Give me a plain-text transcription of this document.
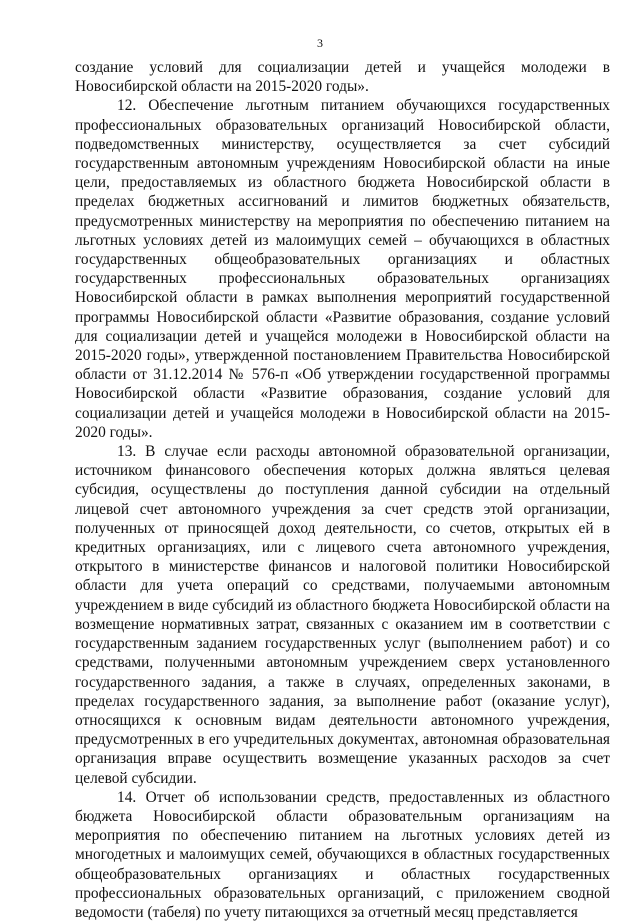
3

создание условий для социализации детей и учащейся молодежи в Новосибирской области на 2015-2020 годы».

12. Обеспечение льготным питанием обучающихся государственных профессиональных образовательных организаций Новосибирской области, подведомственных министерству, осуществляется за счет субсидий государственным автономным учреждениям Новосибирской области на иные цели, предоставляемых из областного бюджета Новосибирской области в пределах бюджетных ассигнований и лимитов бюджетных обязательств, предусмотренных министерству на мероприятия по обеспечению питанием на льготных условиях детей из малоимущих семей – обучающихся в областных государственных общеобразовательных организациях и областных государственных профессиональных образовательных организациях Новосибирской области в рамках выполнения мероприятий государственной программы Новосибирской области «Развитие образования, создание условий для социализации детей и учащейся молодежи в Новосибирской области на 2015-2020 годы», утвержденной постановлением Правительства Новосибирской области от 31.12.2014 № 576-п «Об утверждении государственной программы Новосибирской области «Развитие образования, создание условий для социализации детей и учащейся молодежи в Новосибирской области на 2015-2020 годы».

13. В случае если расходы автономной образовательной организации, источником финансового обеспечения которых должна являться целевая субсидия, осуществлены до поступления данной субсидии на отдельный лицевой счет автономного учреждения за счет средств этой организации, полученных от приносящей доход деятельности, со счетов, открытых ей в кредитных организациях, или с лицевого счета автономного учреждения, открытого в министерстве финансов и налоговой политики Новосибирской области для учета операций со средствами, получаемыми автономным учреждением в виде субсидий из областного бюджета Новосибирской области на возмещение нормативных затрат, связанных с оказанием им в соответствии с государственным заданием государственных услуг (выполнением работ) и со средствами, полученными автономным учреждением сверх установленного государственного задания, а также в случаях, определенных законами, в пределах государственного задания, за выполнение работ (оказание услуг), относящихся к основным видам деятельности автономного учреждения, предусмотренных в его учредительных документах, автономная образовательная организация вправе осуществить возмещение указанных расходов за счет целевой субсидии.

14. Отчет об использовании средств, предоставленных из областного бюджета Новосибирской области образовательным организациям на мероприятия по обеспечению питанием на льготных условиях детей из многодетных и малоимущих семей, обучающихся в областных государственных общеобразовательных организациях и областных государственных профессиональных образовательных организаций, с приложением сводной ведомости (табеля) по учету питающихся за отчетный месяц представляется
